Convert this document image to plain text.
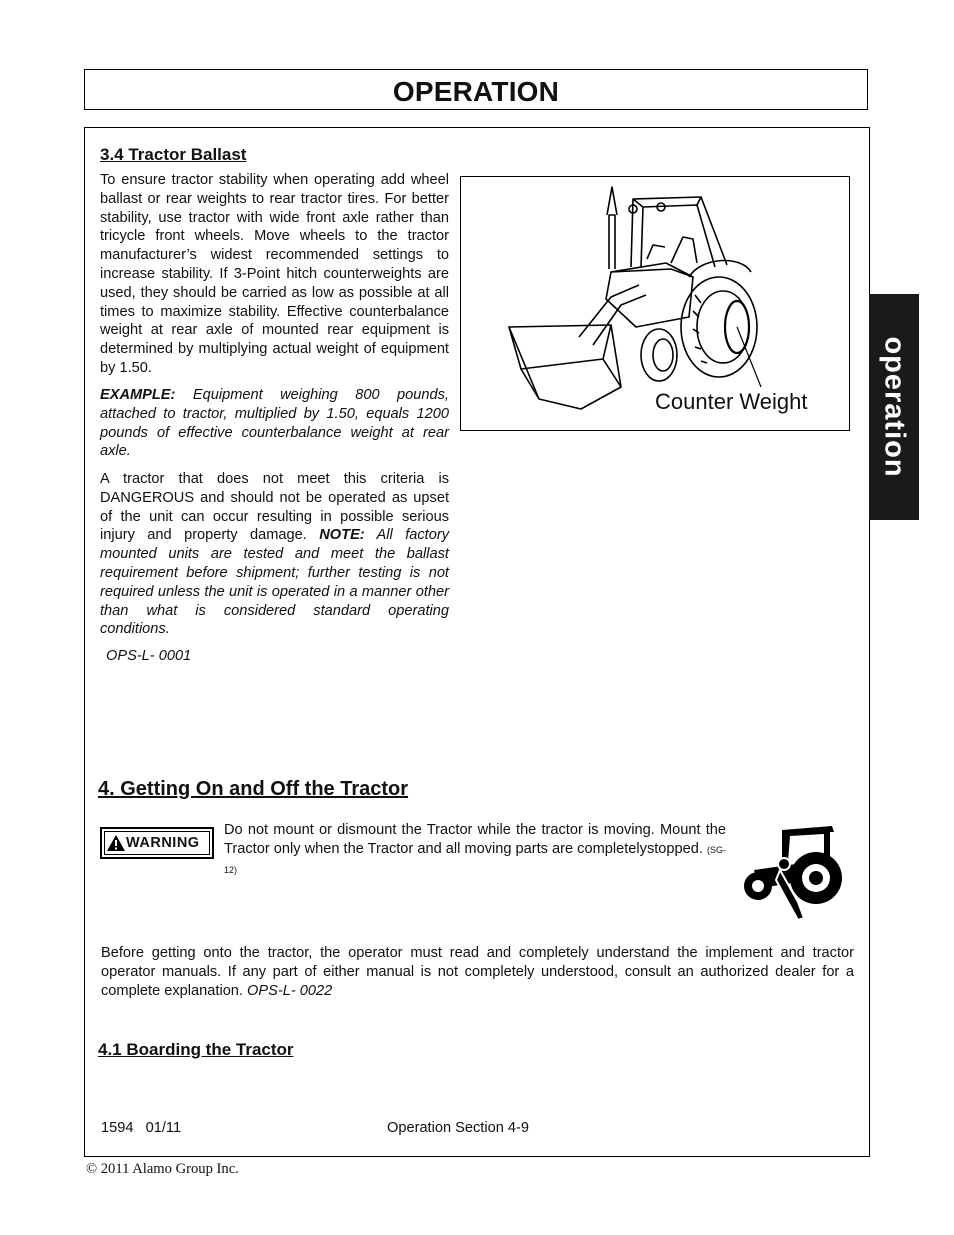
OPERATION
operation
3.4 Tractor Ballast

To ensure tractor stability when operating add wheel ballast or rear weights to rear tractor tires. For better stability, use tractor with wide front axle rather than tricycle front wheels. Move wheels to the tractor manufacturer’s widest recommended settings to increase stability. If 3-Point hitch counterweights are used, they should be carried as low as possible at all times to maximize stability. Effective counterbalance weight at rear axle of mounted rear equipment is determined by multiplying actual weight of equipment by 1.50.

EXAMPLE: Equipment weighing 800 pounds, attached to tractor, multiplied by 1.50, equals 1200 pounds of effective counterbalance weight at rear axle.

A tractor that does not meet this criteria is DANGEROUS and should not be operated as upset of the unit can occur resulting in possible serious injury and property damage. NOTE: All factory mounted units are tested and meet the ballast requirement before shipment; further testing is not required unless the unit is operated in a manner other than what is considered standard operating conditions.

OPS-L- 0001
Counter Weight
4. Getting On and Off the Tractor
WARNING

Do not mount or dismount the Tractor while the tractor is moving. Mount the Tractor only when the Tractor and all moving parts are completelystopped. (SG-12)

Before getting onto the tractor, the operator must read and completely understand the implement and tractor operator manuals. If any part of either manual is not completely understood, consult an authorized dealer for a complete explanation. OPS-L- 0022

4.1 Boarding the Tractor
1594   01/11	Operation Section 4-9
© 2011 Alamo Group Inc.
